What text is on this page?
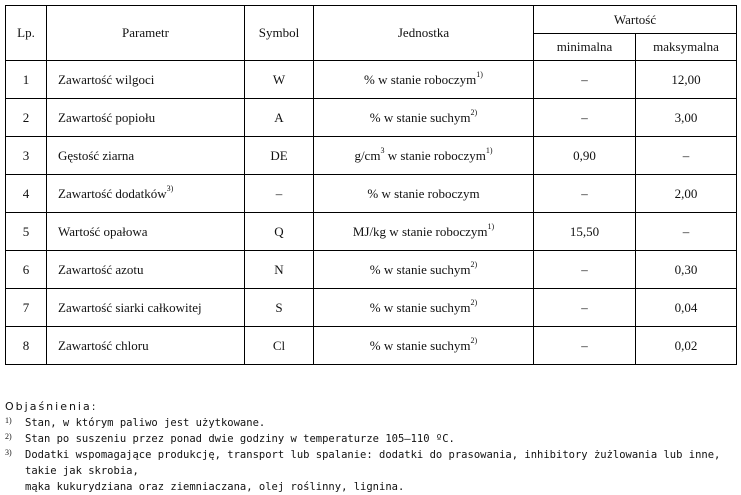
Lp.	Parametr	Symbol	Jednostka	Wartość	
				minimalna	maksymalna
1	Zawartość wilgoci	W	% w stanie roboczym$^{1)}$	–	12,00
2	Zawartość popiołu	A	% w stanie suchym$^{2)}$	–	3,00
3	Gęstość ziarna	DE	$g/cm^3$ w stanie roboczym$^{1)}$	0,90	–
4	Zawartość dodatków$^{3)}$	–	% w stanie roboczym	–	2,00
5	Wartość opałowa	Q	MJ/kg w stanie roboczym$^{1)}$	15,50	–
6	Zawartość azotu	N	% w stanie suchym$^{2)}$	–	0,30
7	Zawartość siarki całkowitej	S	% w stanie suchym$^{2)}$	–	0,04
8	Zawartość chloru	Cl	% w stanie suchym$^{2)}$	–	0,02
Objaśnienia:
1) Stan, w którym paliwo jest użytkowane.
2) Stan po suszeniu przez ponad dwie godziny w temperaturze 105–110 ºC.
3) Dodatki wspomagające produkcję, transport lub spalanie: dodatki do prasowania, inhibitory żużlowania lub inne, takie jak skrobia,
mąka kukurydziana oraz ziemniaczana, olej roślinny, lignina.
